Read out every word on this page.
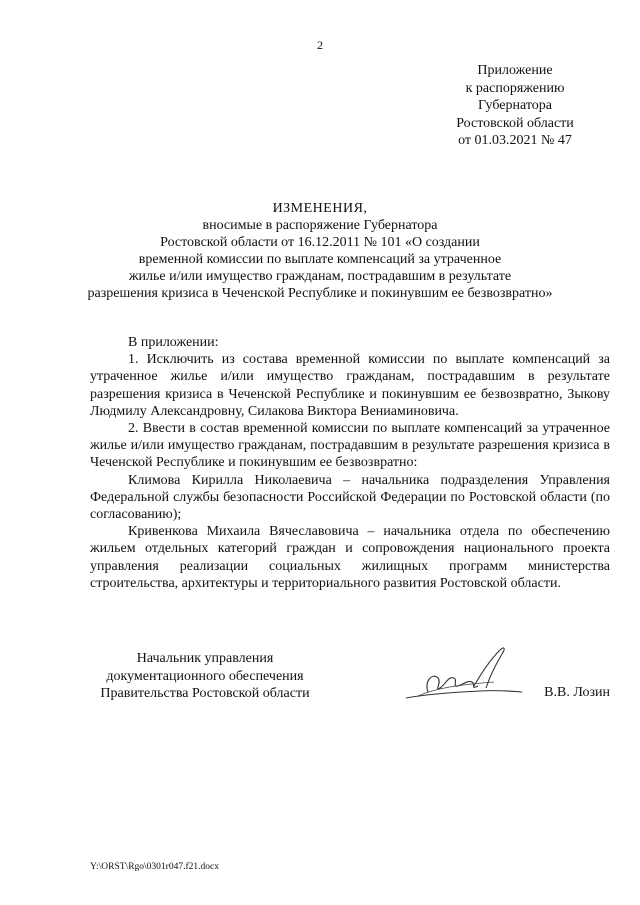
2
Приложение
к распоряжению
Губернатора
Ростовской области
от 01.03.2021 № 47
ИЗМЕНЕНИЯ,
вносимые в распоряжение Губернатора
Ростовской области от 16.12.2011 № 101 «О создании
временной комиссии по выплате компенсаций за утраченное
жилье и/или имущество гражданам, пострадавшим в результате
разрешения кризиса в Чеченской Республике и покинувшим ее безвозвратно»

В приложении:

1. Исключить из состава временной комиссии по выплате компенсаций за утраченное жилье и/или имущество гражданам, пострадавшим в результате разрешения кризиса в Чеченской Республике и покинувшим ее безвозвратно, Зыкову Людмилу Александровну, Силакова Виктора Вениаминовича.

2. Ввести в состав временной комиссии по выплате компенсаций за утраченное жилье и/или имущество гражданам, пострадавшим в результате разрешения кризиса в Чеченской Республике и покинувшим ее безвозвратно:

Климова Кирилла Николаевича – начальника подразделения Управления Федеральной службы безопасности Российской Федерации по Ростовской области (по согласованию);

Кривенкова Михаила Вячеславовича – начальника отдела по обеспечению жильем отдельных категорий граждан и сопровождения национального проекта управления реализации социальных жилищных программ министерства строительства, архитектуры и территориального развития Ростовской области.

Начальник управления
документационного обеспечения
Правительства Ростовской области	В.В. Лозин
Y:\ORST\Rgo\0301r047.f21.docx
